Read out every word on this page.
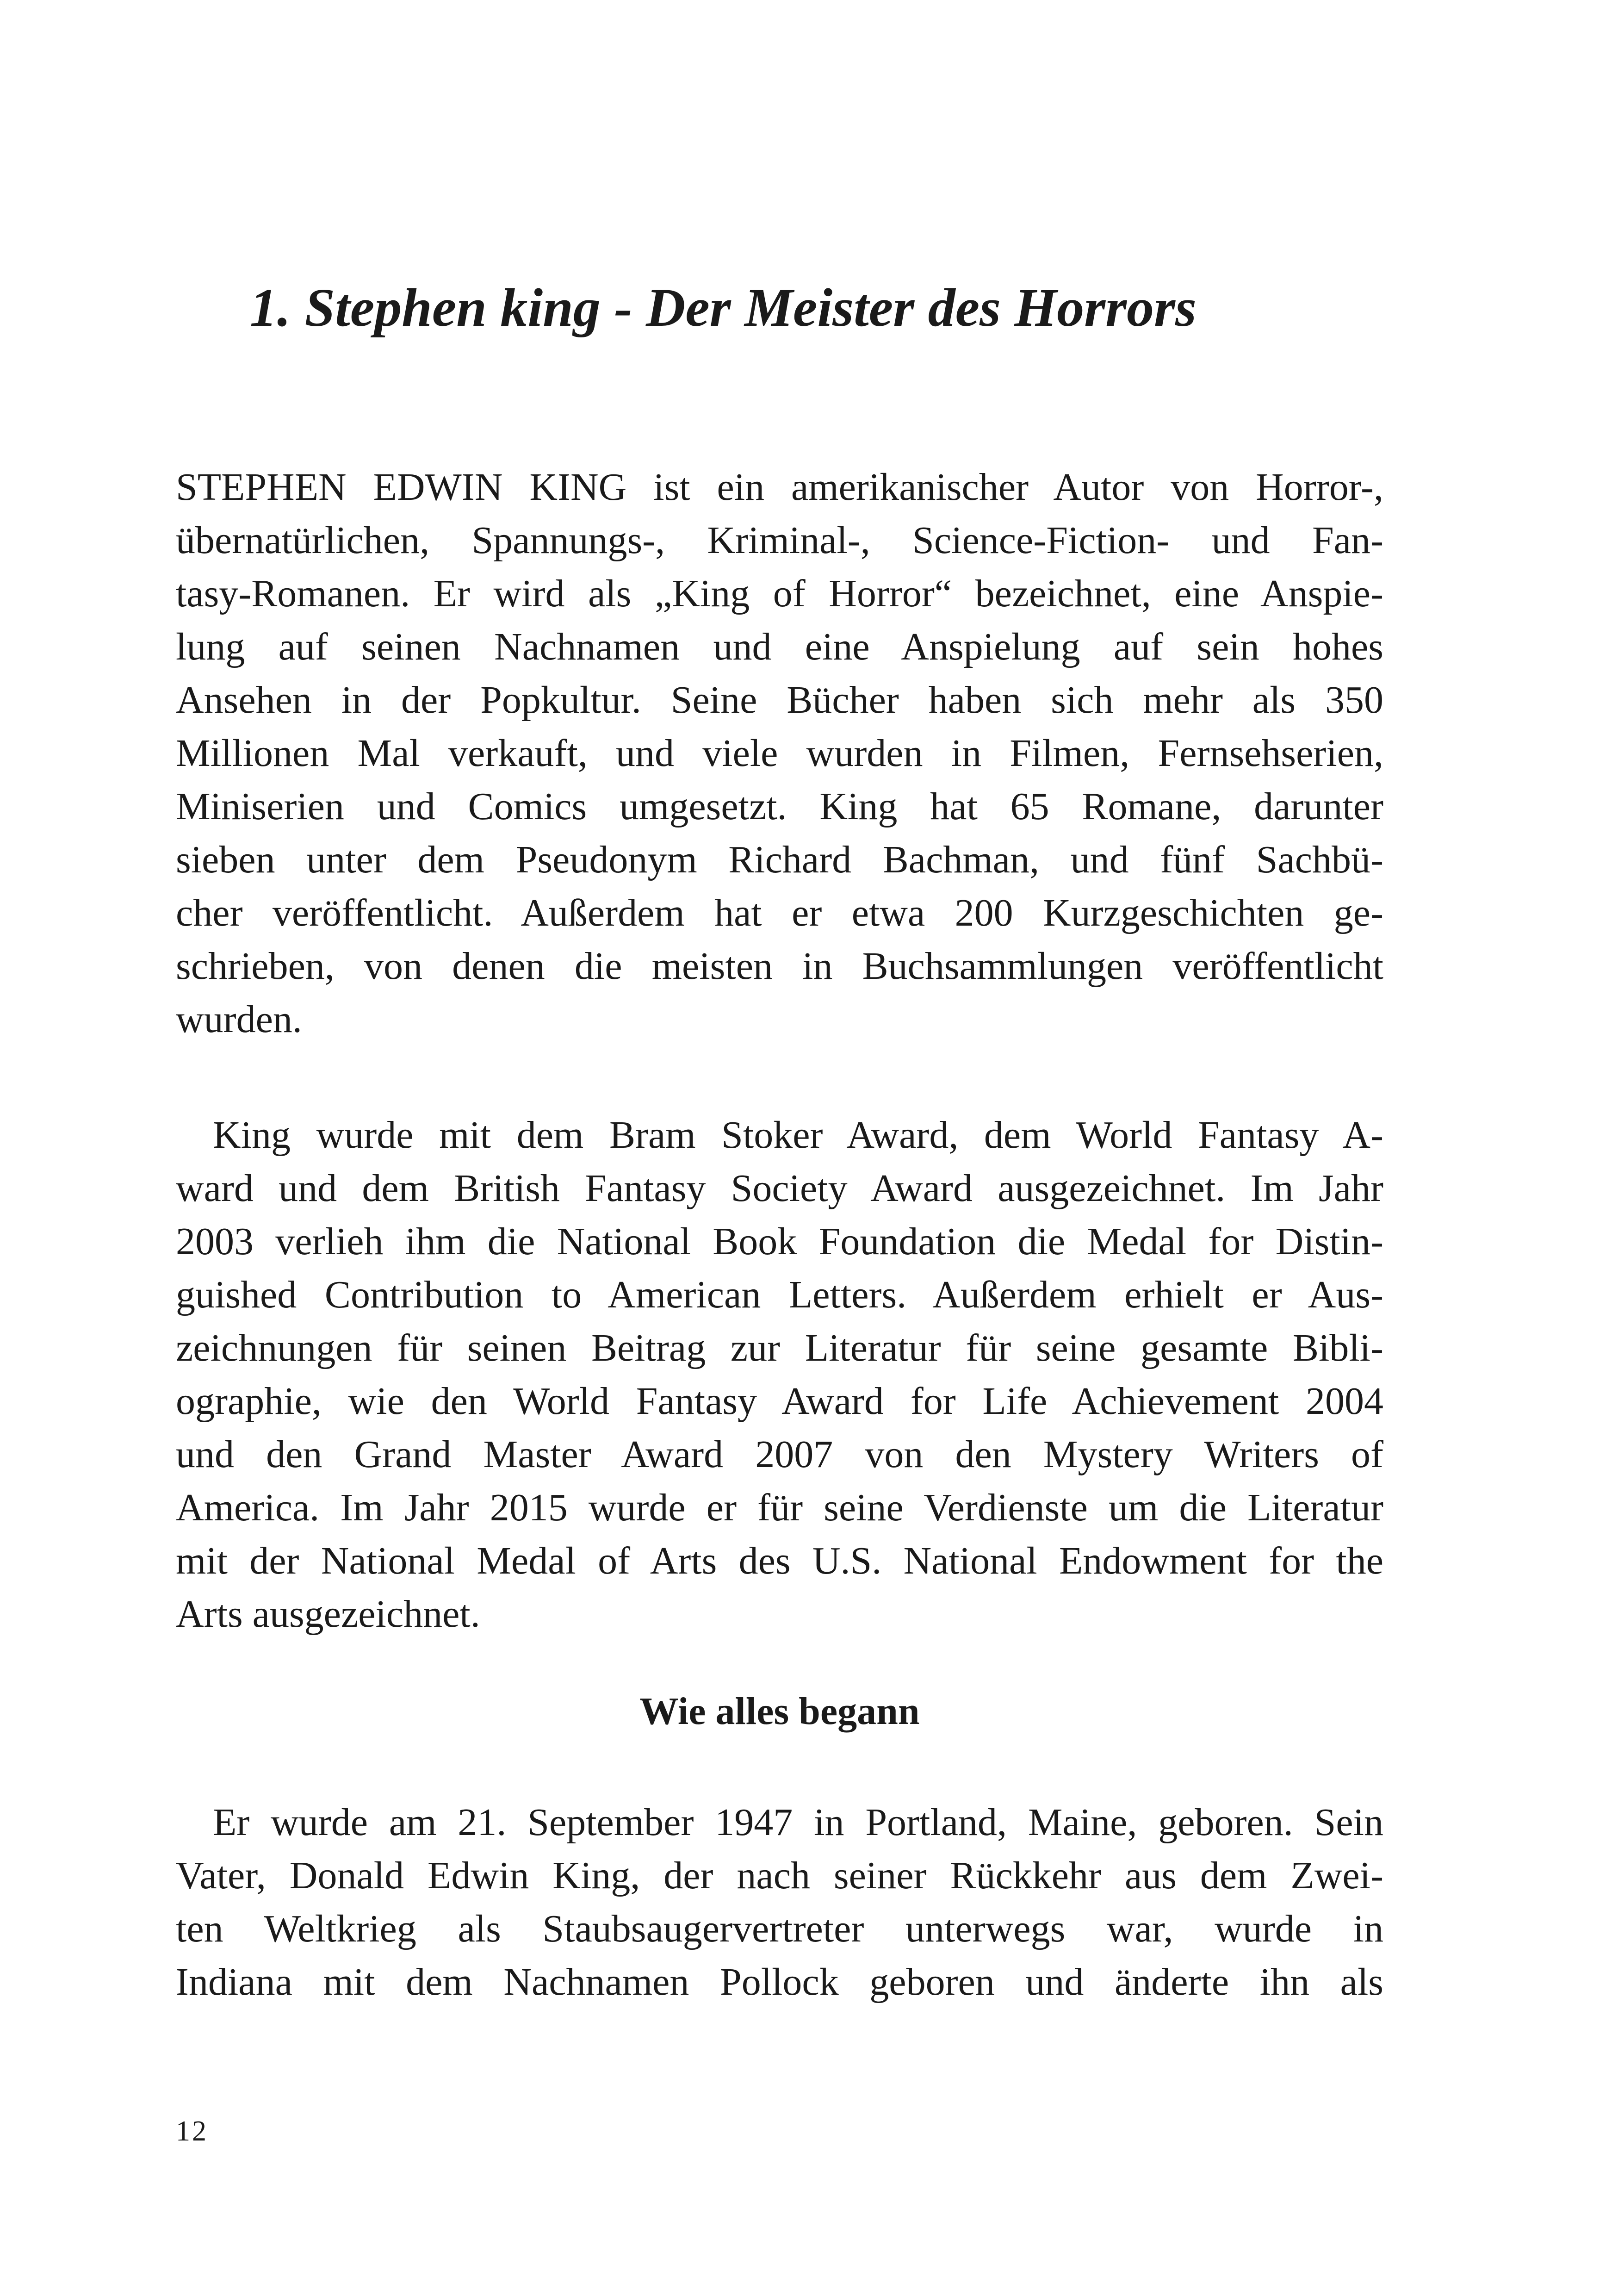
1. Stephen king - Der Meister des Horrors

STEPHEN EDWIN KING ist ein amerikanischer Autor von Horror-,
übernatürlichen, Spannungs-, Kriminal-, Science-Fiction- und Fan-
tasy-Romanen. Er wird als „King of Horror“ bezeichnet, eine Anspie-
lung auf seinen Nachnamen und eine Anspielung auf sein hohes
Ansehen in der Popkultur. Seine Bücher haben sich mehr als 350
Millionen Mal verkauft, und viele wurden in Filmen, Fernsehserien,
Miniserien und Comics umgesetzt. King hat 65 Romane, darunter
sieben unter dem Pseudonym Richard Bachman, und fünf Sachbü-
cher veröffentlicht. Außerdem hat er etwa 200 Kurzgeschichten ge-
schrieben, von denen die meisten in Buchsammlungen veröffentlicht
wurden.

King wurde mit dem Bram Stoker Award, dem World Fantasy A-
ward und dem British Fantasy Society Award ausgezeichnet. Im Jahr
2003 verlieh ihm die National Book Foundation die Medal for Distin-
guished Contribution to American Letters. Außerdem erhielt er Aus-
zeichnungen für seinen Beitrag zur Literatur für seine gesamte Bibli-
ographie, wie den World Fantasy Award for Life Achievement 2004
und den Grand Master Award 2007 von den Mystery Writers of
America. Im Jahr 2015 wurde er für seine Verdienste um die Literatur
mit der National Medal of Arts des U.S. National Endowment for the
Arts ausgezeichnet.

Wie alles begann

Er wurde am 21. September 1947 in Portland, Maine, geboren. Sein
Vater, Donald Edwin King, der nach seiner Rückkehr aus dem Zwei-
ten Weltkrieg als Staubsaugervertreter unterwegs war, wurde in
Indiana mit dem Nachnamen Pollock geboren und änderte ihn als

12
